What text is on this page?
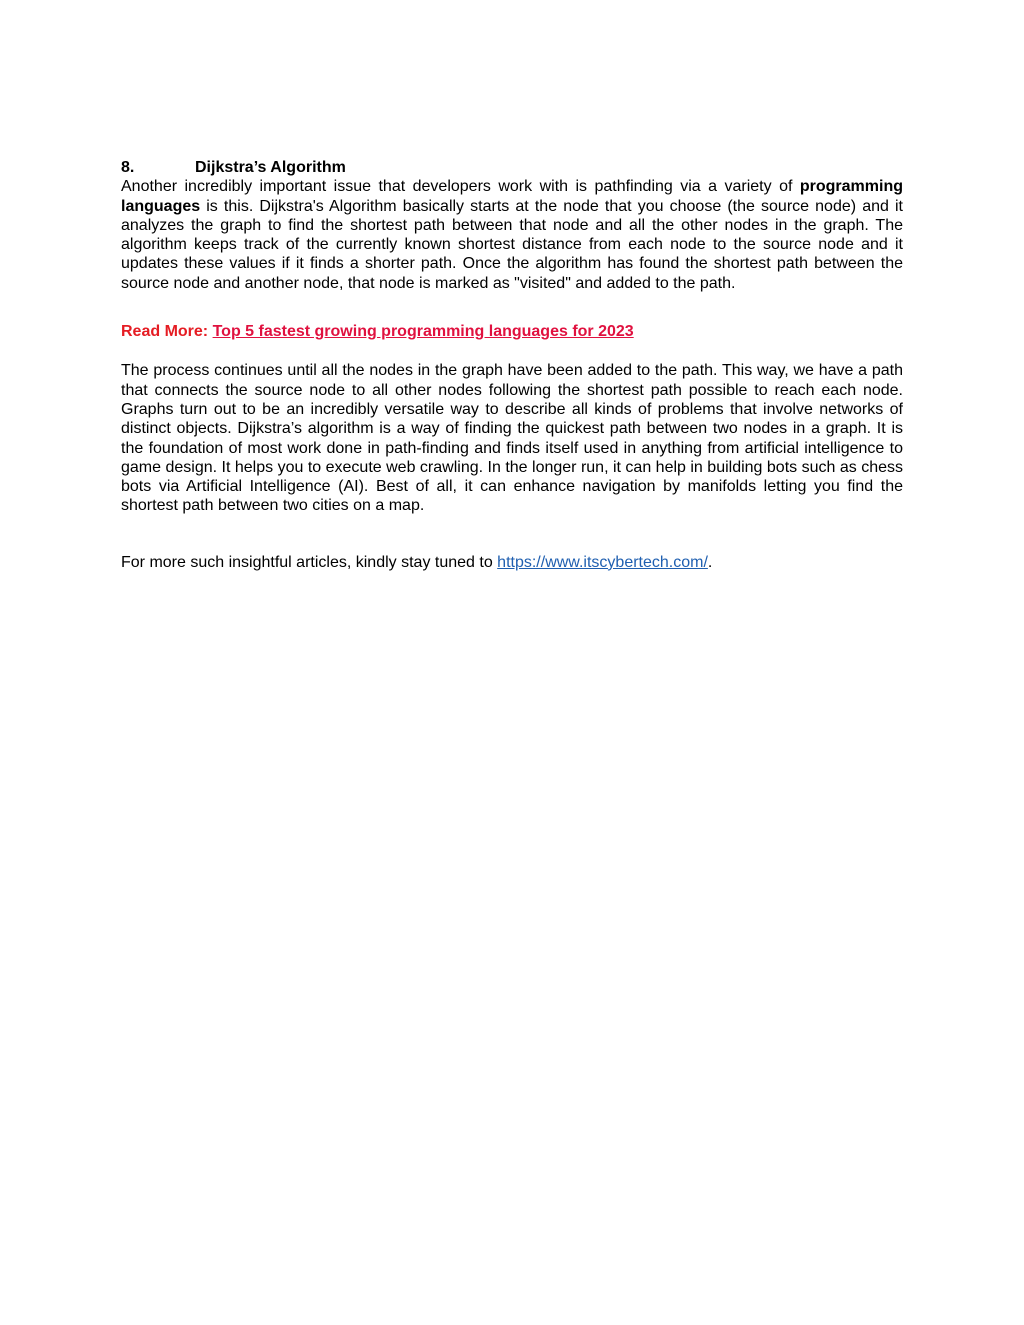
8.	Dijkstra’s Algorithm

Another incredibly important issue that developers work with is pathfinding via a variety of programming languages is this. Dijkstra's Algorithm basically starts at the node that you choose (the source node) and it analyzes the graph to find the shortest path between that node and all the other nodes in the graph. The algorithm keeps track of the currently known shortest distance from each node to the source node and it updates these values if it finds a shorter path. Once the algorithm has found the shortest path between the source node and another node, that node is marked as "visited" and added to the path.

Read More: Top 5 fastest growing programming languages for 2023

The process continues until all the nodes in the graph have been added to the path. This way, we have a path that connects the source node to all other nodes following the shortest path possible to reach each node. Graphs turn out to be an incredibly versatile way to describe all kinds of problems that involve networks of distinct objects. Dijkstra’s algorithm is a way of finding the quickest path between two nodes in a graph. It is the foundation of most work done in path-finding and finds itself used in anything from artificial intelligence to game design. It helps you to execute web crawling. In the longer run, it can help in building bots such as chess bots via Artificial Intelligence (AI). Best of all, it can enhance navigation by manifolds letting you find the shortest path between two cities on a map.

For more such insightful articles, kindly stay tuned to https://www.itscybertech.com/.
